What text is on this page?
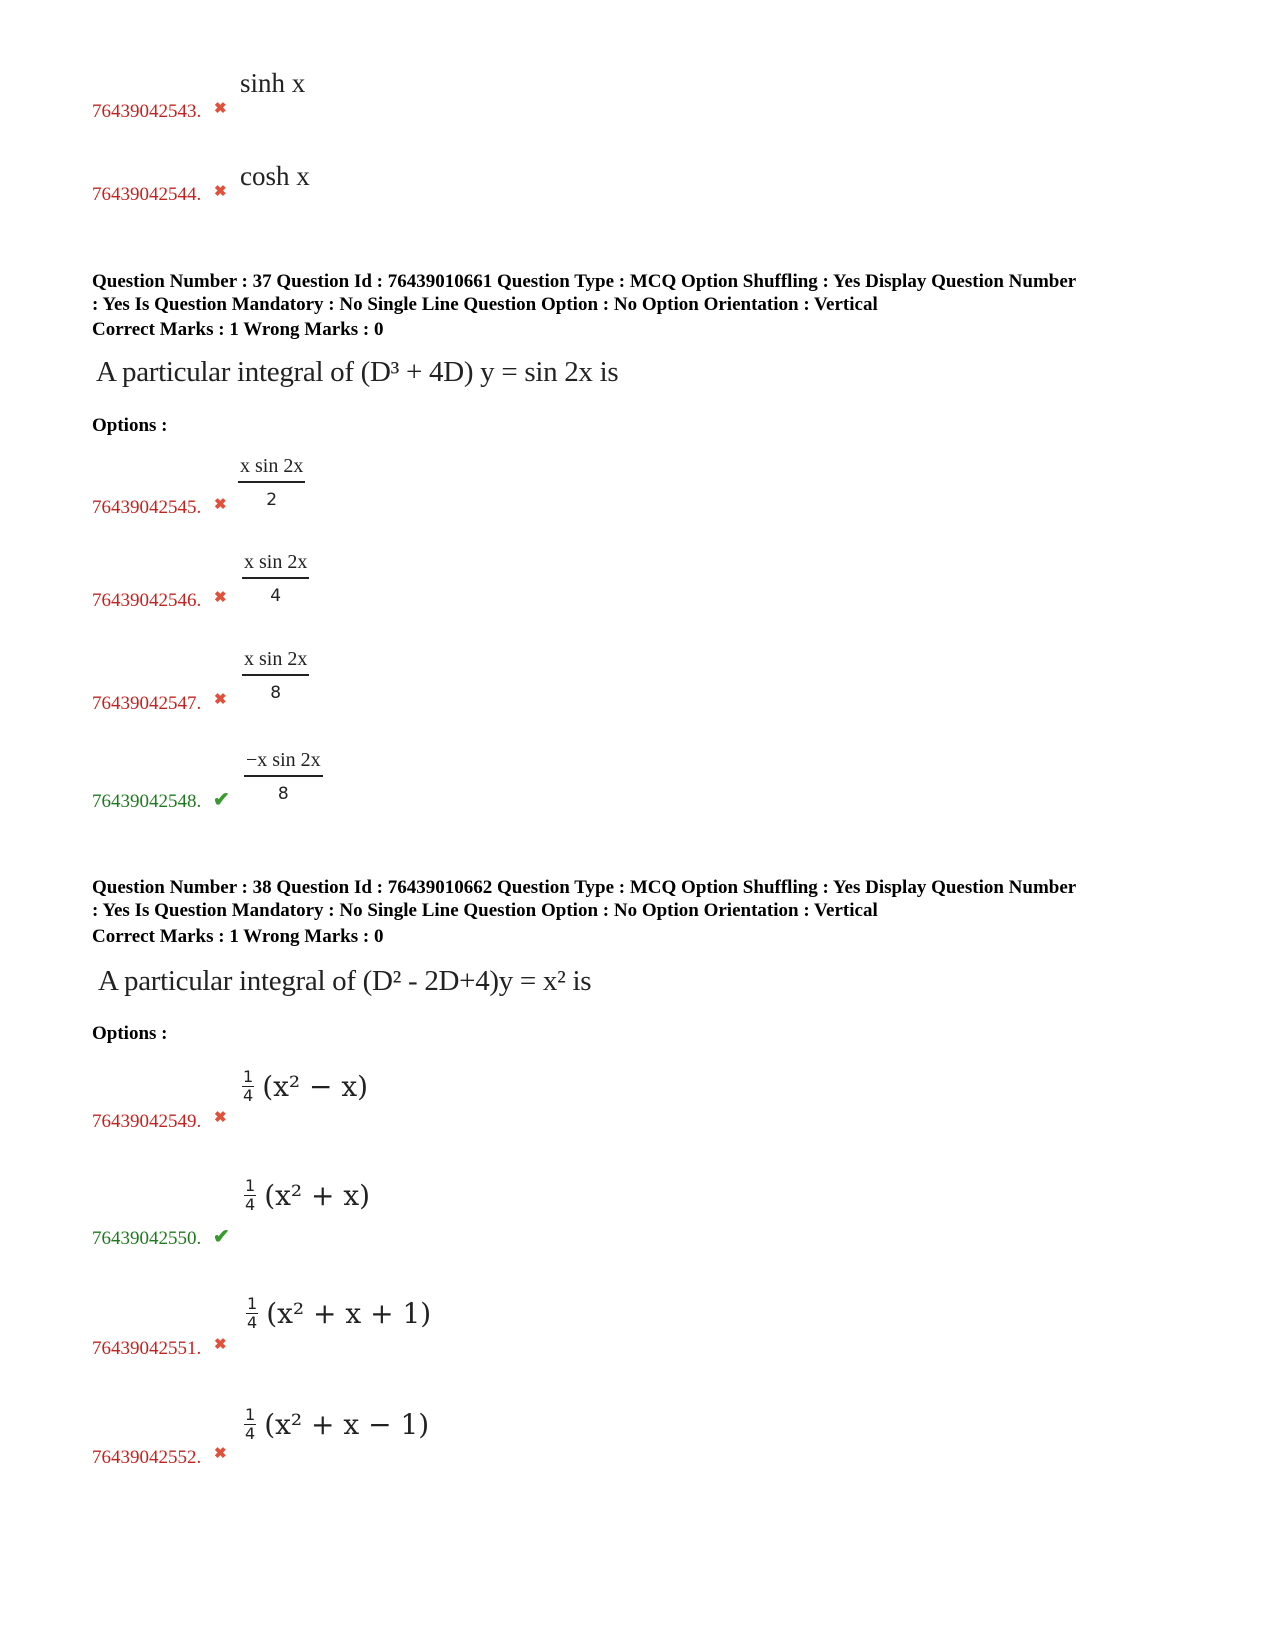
sinh x
76439042543. ✖
cosh x
76439042544. ✖
Question Number : 37 Question Id : 76439010661 Question Type : MCQ Option Shuffling : Yes Display Question Number
: Yes Is Question Mandatory : No Single Line Question Option : No Option Orientation : Vertical
Correct Marks : 1 Wrong Marks : 0
A particular integral of (D³ + 4D) y = sin 2x is
Options :
$\frac{\text{x sin 2x}}{2}$
76439042545. ✖
$\frac{\text{x sin 2x}}{4}$
76439042546. ✖
$\frac{\text{x sin 2x}}{8}$
76439042547. ✖
$\frac{\text{−x sin 2x}}{8}$
76439042548. ✔
Question Number : 38 Question Id : 76439010662 Question Type : MCQ Option Shuffling : Yes Display Question Number
: Yes Is Question Mandatory : No Single Line Question Option : No Option Orientation : Vertical
Correct Marks : 1 Wrong Marks : 0
A particular integral of (D² - 2D+4)y = x² is
Options :
$\frac{1}{4} (x^2 - x)$
76439042549. ✖
$\frac{1}{4} (x^2 + x)$
76439042550. ✔
$\frac{1}{4} (x^2 + x + 1)$
76439042551. ✖
$\frac{1}{4} (x^2 + x - 1)$
76439042552. ✖
